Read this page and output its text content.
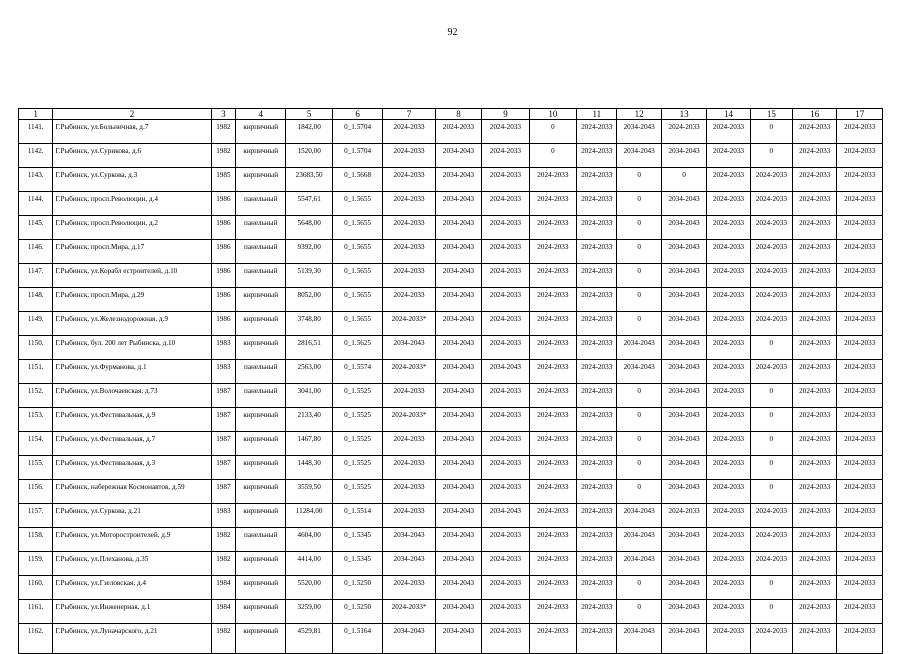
92
1	2	3	4	5	6	7	8	9	10	11	12	13	14	15	16	17
1141.	Г.Рыбинск, ул.Больничная, д.7	1982	кирпичный	1842,00	0_1.5704	2024-2033	2024-2033	2024-2033	0	2024-2033	2034-2043	2024-2033	2024-2033	0	2024-2033	2024-2033
1142.	Г.Рыбинск, ул.Сурикова, д.6	1982	кирпичный	1520,00	0_1.5704	2024-2033	2034-2043	2024-2033	0	2024-2033	2034-2043	2034-2043	2024-2033	0	2024-2033	2024-2033
1143.	Г.Рыбинск, ул.Суркова, д.3	1985	кирпичный	23683,50	0_1.5668	2024-2033	2034-2043	2024-2033	2024-2033	2024-2033	0	0	2024-2033	2024-2033	2024-2033	2024-2033
1144.	Г.Рыбинск, просп.Революции, д.4	1986	панельный	5547,61	0_1.5655	2024-2033	2034-2043	2024-2033	2024-2033	2024-2033	0	2034-2043	2024-2033	2024-2033	2024-2033	2024-2033
1145.	Г.Рыбинск, просп.Революции, д.2	1986	панельный	5648,00	0_1.5655	2024-2033	2034-2043	2024-2033	2024-2033	2024-2033	0	2034-2043	2024-2033	2024-2033	2024-2033	2024-2033
1146.	Г.Рыбинск, просп.Мира, д.17	1986	панельный	9392,00	0_1.5655	2024-2033	2034-2043	2024-2033	2024-2033	2024-2033	0	2034-2043	2024-2033	2024-2033	2024-2033	2024-2033
1147.	Г.Рыбинск, ул.Корабл естроителей, д.10	1986	панельный	5139,30	0_1.5655	2024-2033	2034-2043	2024-2033	2024-2033	2024-2033	0	2034-2043	2024-2033	2024-2033	2024-2033	2024-2033
1148.	Г.Рыбинск, просп.Мира, д.29	1986	кирпичный	8052,00	0_1.5655	2024-2033	2034-2043	2024-2033	2024-2033	2024-2033	0	2034-2043	2024-2033	2024-2033	2024-2033	2024-2033
1149.	Г.Рыбинск, ул.Железнодорожная, д.9	1986	кирпичный	3748,80	0_1.5655	2024-2033*	2034-2043	2024-2033	2024-2033	2024-2033	0	2034-2043	2024-2033	2024-2033	2024-2033	2024-2033
1150.	Г.Рыбинск, бул. 200 лет Рыбинска, д.10	1983	кирпичный	2816,51	0_1.5625	2034-2043	2034-2043	2024-2033	2024-2033	2024-2033	2034-2043	2034-2043	2024-2033	0	2024-2033	2024-2033
1151.	Г.Рыбинск, ул.Фурманова, д.1	1983	панельный	2563,00	0_1.5574	2024-2033*	2034-2043	2034-2043	2024-2033	2024-2033	2034-2043	2034-2043	2024-2033	2024-2033	2024-2033	2024-2033
1152.	Г.Рыбинск, ул.Волочаевская, д.73	1987	панельный	3041,00	0_1.5525	2024-2033	2034-2043	2024-2033	2024-2033	2024-2033	0	2034-2043	2024-2033	0	2024-2033	2024-2033
1153.	Г.Рыбинск, ул.Фестивальная, д.9	1987	кирпичный	2133,40	0_1.5525	2024-2033*	2034-2043	2024-2033	2024-2033	2024-2033	0	2034-2043	2024-2033	0	2024-2033	2024-2033
1154.	Г.Рыбинск, ул.Фестивальная, д.7	1987	кирпичный	1467,80	0_1.5525	2024-2033	2034-2043	2024-2033	2024-2033	2024-2033	0	2034-2043	2024-2033	0	2024-2033	2024-2033
1155.	Г.Рыбинск, ул.Фестивальная, д.3	1987	кирпичный	1448,30	0_1.5525	2024-2033	2034-2043	2024-2033	2024-2033	2024-2033	0	2034-2043	2024-2033	0	2024-2033	2024-2033
1156.	Г.Рыбинск, набережная Космонавтов, д.59	1987	кирпичный	3559,50	0_1.5525	2024-2033	2034-2043	2024-2033	2024-2033	2024-2033	0	2034-2043	2024-2033	0	2024-2033	2024-2033
1157.	Г.Рыбинск, ул.Суркова, д.21	1983	кирпичный	11284,00	0_1.5514	2024-2033	2034-2043	2034-2043	2024-2033	2024-2033	2034-2043	2024-2033	2024-2033	2024-2033	2024-2033	2024-2033
1158.	Г.Рыбинск, ул.Моторостроителей, д.9	1982	панельный	4604,00	0_1.5345	2034-2043	2034-2043	2024-2033	2024-2033	2024-2033	2034-2043	2034-2043	2024-2033	2024-2033	2024-2033	2024-2033
1159.	Г.Рыбинск, ул.Плеханова, д.35	1982	кирпичный	4414,00	0_1.5345	2034-2043	2034-2043	2024-2033	2024-2033	2024-2033	2034-2043	2034-2043	2024-2033	2024-2033	2024-2033	2024-2033
1160.	Г.Рыбинск, ул.Гзеловская, д.4	1984	кирпичный	5520,00	0_1.5250	2024-2033	2034-2043	2024-2033	2024-2033	2024-2033	0	2034-2043	2024-2033	0	2024-2033	2024-2033
1161.	Г.Рыбинск, ул.Инженерная, д.1	1984	кирпичный	3259,00	0_1.5250	2024-2033*	2034-2043	2024-2033	2024-2033	2024-2033	0	2034-2043	2024-2033	0	2024-2033	2024-2033
1162.	Г.Рыбинск, ул.Луначарского, д.21	1982	кирпичный	4529,81	0_1.5164	2034-2043	2034-2043	2024-2033	2024-2033	2024-2033	2034-2043	2034-2043	2024-2033	2024-2033	2024-2033	2024-2033
